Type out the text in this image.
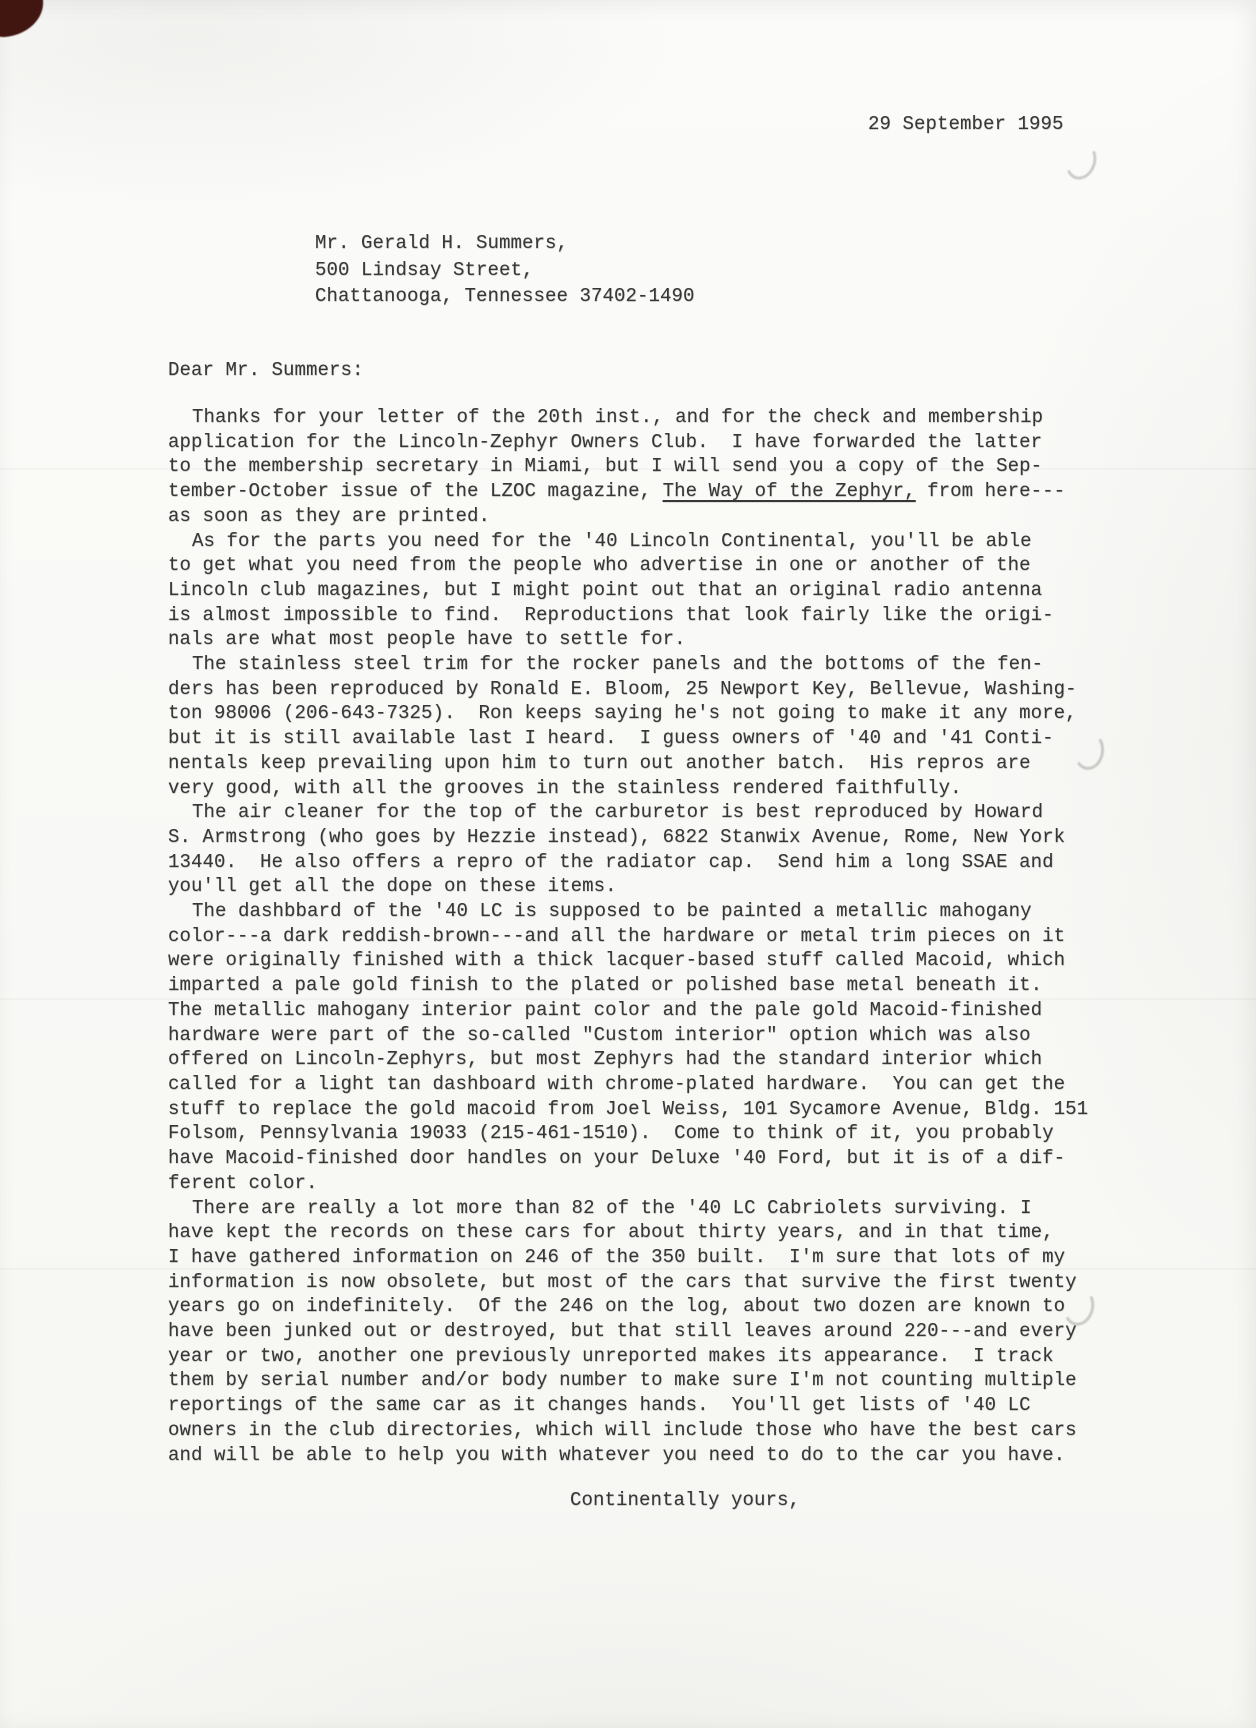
29 September 1995
Mr. Gerald H. Summers,
500 Lindsay Street,
Chattanooga, Tennessee 37402-1490
Dear Mr. Summers:
Thanks for your letter of the 20th inst., and for the check and membership
application for the Lincoln-Zephyr Owners Club.  I have forwarded the latter
to the membership secretary in Miami, but I will send you a copy of the Sep-
tember-October issue of the LZOC magazine, The Way of the Zephyr, from here---
as soon as they are printed.
As for the parts you need for the '40 Lincoln Continental, you'll be able
to get what you need from the people who advertise in one or another of the
Lincoln club magazines, but I might point out that an original radio antenna
is almost impossible to find.  Reproductions that look fairly like the origi-
nals are what most people have to settle for.
The stainless steel trim for the rocker panels and the bottoms of the fen-
ders has been reproduced by Ronald E. Bloom, 25 Newport Key, Bellevue, Washing-
ton 98006 (206-643-7325).  Ron keeps saying he's not going to make it any more,
but it is still available last I heard.  I guess owners of '40 and '41 Conti-
nentals keep prevailing upon him to turn out another batch.  His repros are
very good, with all the grooves in the stainless rendered faithfully.
The air cleaner for the top of the carburetor is best reproduced by Howard
S. Armstrong (who goes by Hezzie instead), 6822 Stanwix Avenue, Rome, New York
13440.  He also offers a repro of the radiator cap.  Send him a long SSAE and
you'll get all the dope on these items.
The dashbbard of the '40 LC is supposed to be painted a metallic mahogany
color---a dark reddish-brown---and all the hardware or metal trim pieces on it
were originally finished with a thick lacquer-based stuff called Macoid, which
imparted a pale gold finish to the plated or polished base metal beneath it.
The metallic mahogany interior paint color and the pale gold Macoid-finished
hardware were part of the so-called "Custom interior" option which was also
offered on Lincoln-Zephyrs, but most Zephyrs had the standard interior which
called for a light tan dashboard with chrome-plated hardware.  You can get the
stuff to replace the gold macoid from Joel Weiss, 101 Sycamore Avenue, Bldg. 151
Folsom, Pennsylvania 19033 (215-461-1510).  Come to think of it, you probably
have Macoid-finished door handles on your Deluxe '40 Ford, but it is of a dif-
ferent color.
There are really a lot more than 82 of the '40 LC Cabriolets surviving. I
have kept the records on these cars for about thirty years, and in that time,
I have gathered information on 246 of the 350 built.  I'm sure that lots of my
information is now obsolete, but most of the cars that survive the first twenty
years go on indefinitely.  Of the 246 on the log, about two dozen are known to
have been junked out or destroyed, but that still leaves around 220---and every
year or two, another one previously unreported makes its appearance.  I track
them by serial number and/or body number to make sure I'm not counting multiple
reportings of the same car as it changes hands.  You'll get lists of '40 LC
owners in the club directories, which will include those who have the best cars
and will be able to help you with whatever you need to do to the car you have.
Continentally yours,
